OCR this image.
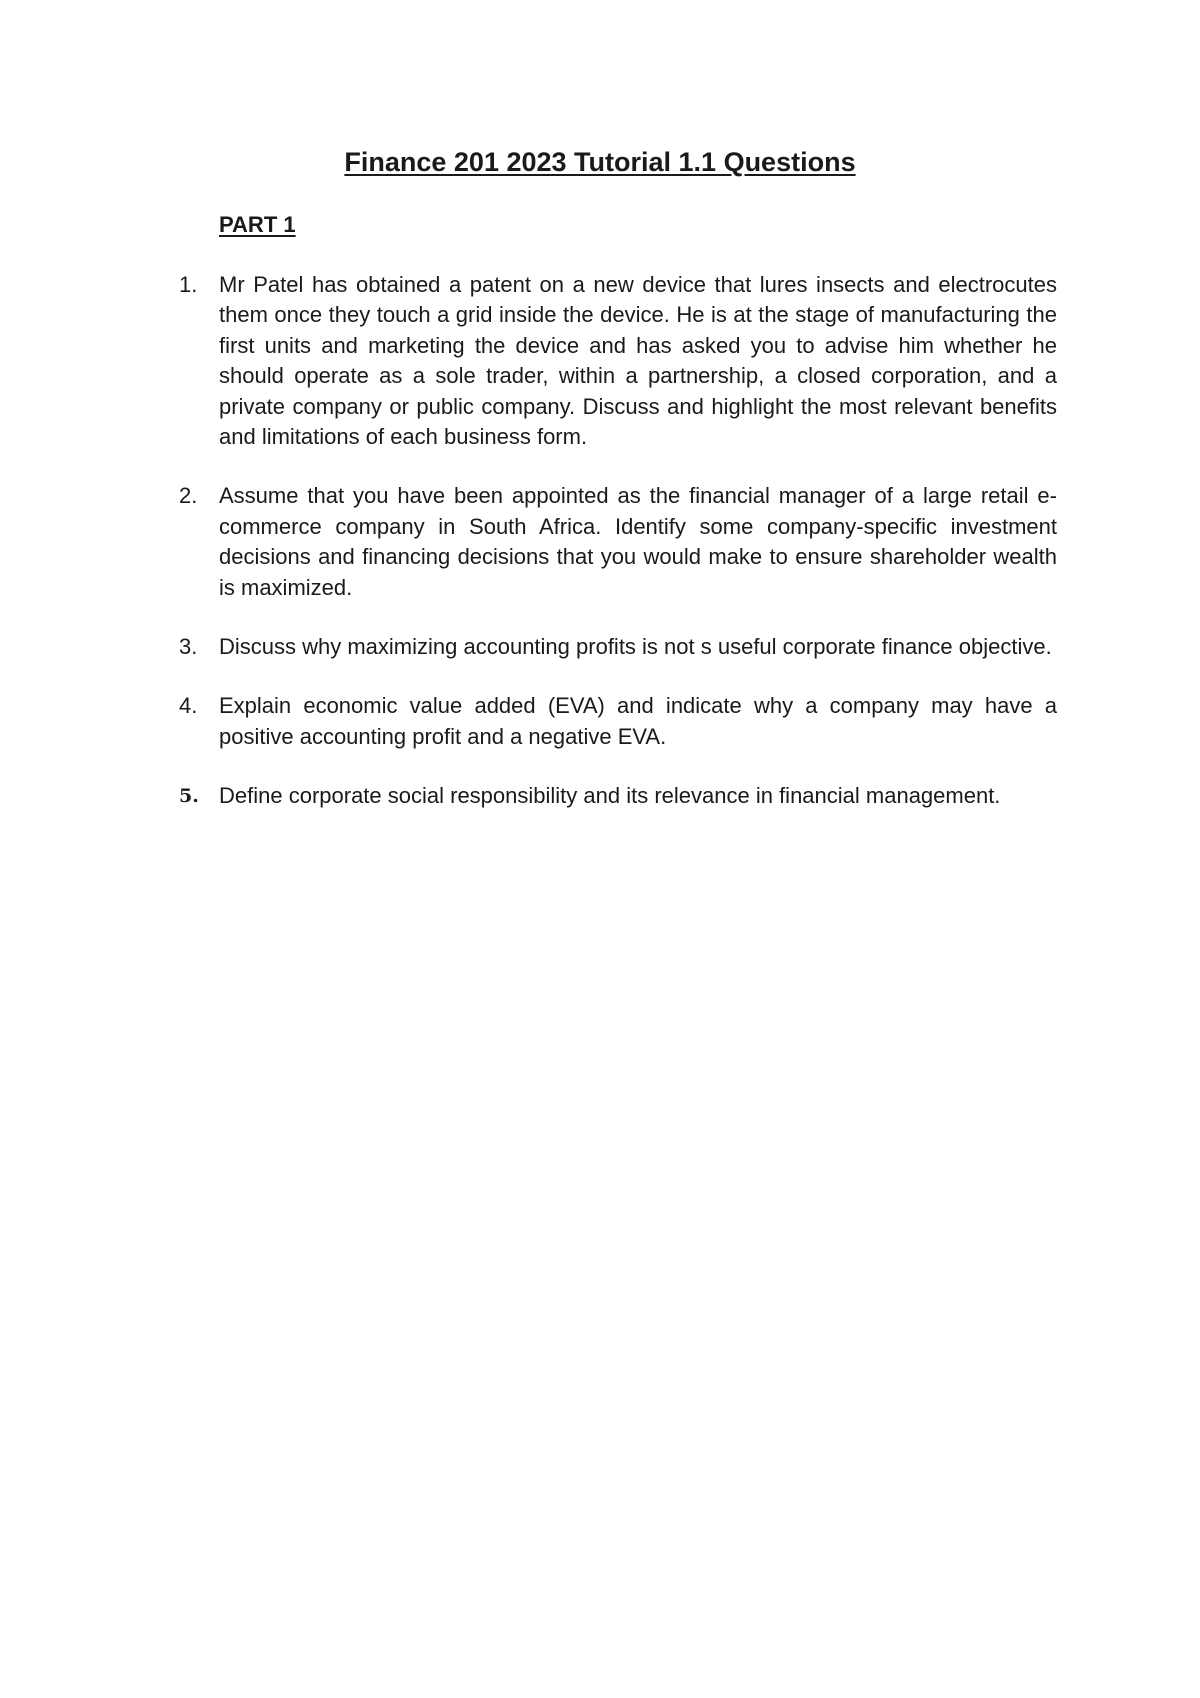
Finance 201 2023 Tutorial 1.1 Questions
PART 1
1. Mr Patel has obtained a patent on a new device that lures insects and electrocutes them once they touch a grid inside the device. He is at the stage of manufacturing the first units and marketing the device and has asked you to advise him whether he should operate as a sole trader, within a partnership, a closed corporation, and a private company or public company. Discuss and highlight the most relevant benefits and limitations of each business form.
2. Assume that you have been appointed as the financial manager of a large retail e-commerce company in South Africa. Identify some company-specific investment decisions and financing decisions that you would make to ensure shareholder wealth is maximized.
3. Discuss why maximizing accounting profits is not s useful corporate finance objective.
4. Explain economic value added (EVA) and indicate why a company may have a positive accounting profit and a negative EVA.
5. Define corporate social responsibility and its relevance in financial management.
